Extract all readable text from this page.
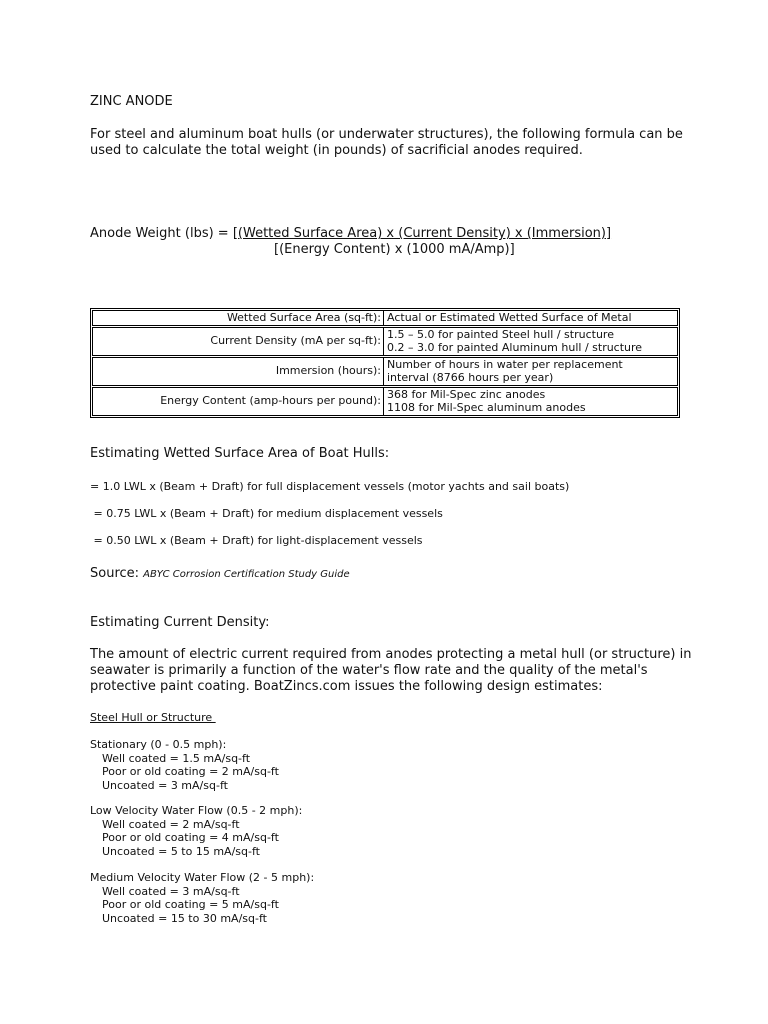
ZINC ANODE
For steel and aluminum boat hulls (or underwater structures), the following formula can be used to calculate the total weight (in pounds) of sacrificial anodes required.
Anode Weight (lbs) = [(Wetted Surface Area) x (Current Density) x (Immersion)]
[(Energy Content) x (1000 mA/Amp)]
Wetted Surface Area (sq-ft): Actual or Estimated Wetted Surface of Metal
Current Density (mA per sq-ft):
1.5 – 5.0 for painted Steel hull / structure
0.2 – 3.0 for painted Aluminum hull / structure
Immersion (hours):
Number of hours in water per replacement
interval (8766 hours per year)
Energy Content (amp-hours per pound):
368 for Mil-Spec zinc anodes
1108 for Mil-Spec aluminum anodes
Estimating Wetted Surface Area of Boat Hulls:
= 1.0 LWL x (Beam + Draft) for full displacement vessels (motor yachts and sail boats)
= 0.75 LWL x (Beam + Draft) for medium displacement vessels
= 0.50 LWL x (Beam + Draft) for light-displacement vessels
Source: ABYC Corrosion Certification Study Guide
Estimating Current Density:
The amount of electric current required from anodes protecting a metal hull (or structure) in seawater is primarily a function of the water's flow rate and the quality of the metal's protective paint coating. BoatZincs.com issues the following design estimates:
Steel Hull or Structure
Stationary (0 - 0.5 mph):
Well coated = 1.5 mA/sq-ft
Poor or old coating = 2 mA/sq-ft
Uncoated = 3 mA/sq-ft
Low Velocity Water Flow (0.5 - 2 mph):
Well coated = 2 mA/sq-ft
Poor or old coating = 4 mA/sq-ft
Uncoated = 5 to 15 mA/sq-ft
Medium Velocity Water Flow (2 - 5 mph):
Well coated = 3 mA/sq-ft
Poor or old coating = 5 mA/sq-ft
Uncoated = 15 to 30 mA/sq-ft
